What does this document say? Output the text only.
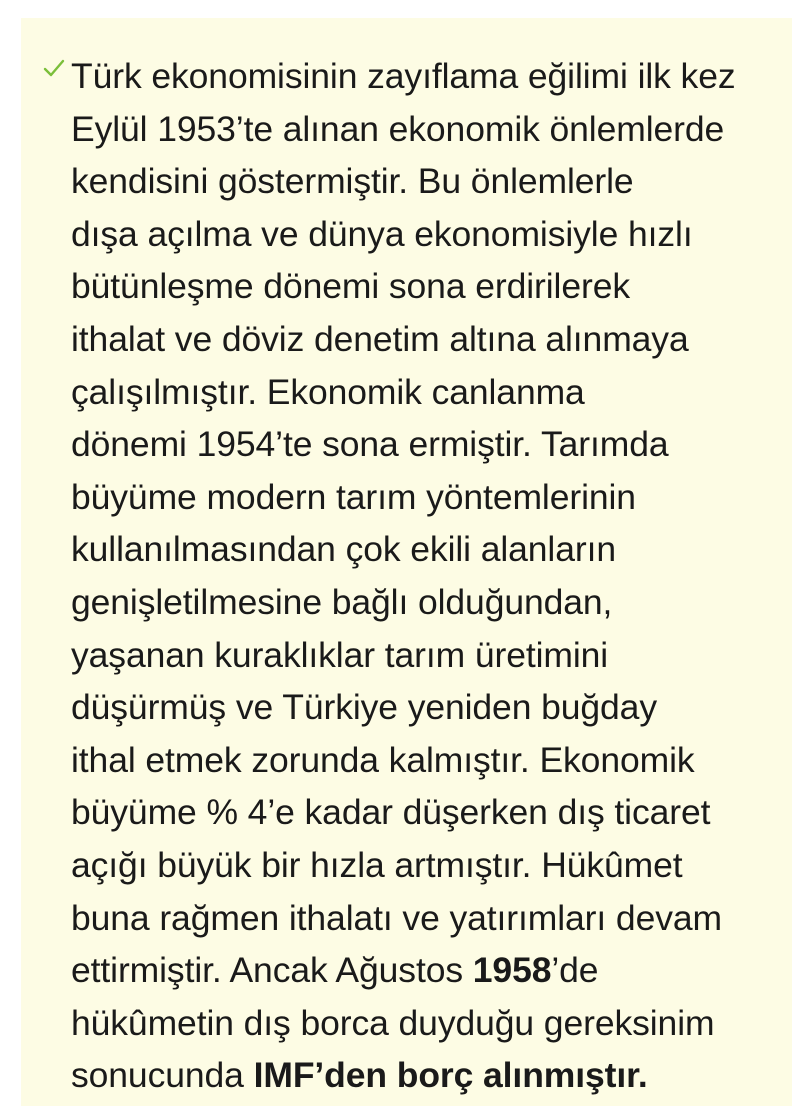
Türk ekonomisinin zayıflama eğilimi ilk kez
Eylül 1953’te alınan ekonomik önlemlerde
kendisini göstermiştir. Bu önlemlerle
dışa açılma ve dünya ekonomisiyle hızlı
bütünleşme dönemi sona erdirilerek
ithalat ve döviz denetim altına alınmaya
çalışılmıştır. Ekonomik canlanma
dönemi 1954’te sona ermiştir. Tarımda
büyüme modern tarım yöntemlerinin
kullanılmasından çok ekili alanların
genişletilmesine bağlı olduğundan,
yaşanan kuraklıklar tarım üretimini
düşürmüş ve Türkiye yeniden buğday
ithal etmek zorunda kalmıştır. Ekonomik
büyüme % 4’e kadar düşerken dış ticaret
açığı büyük bir hızla artmıştır. Hükûmet
buna rağmen ithalatı ve yatırımları devam
ettirmiştir. Ancak Ağustos 1958’de
hükûmetin dış borca duyduğu gereksinim
sonucunda IMF’den borç alınmıştır.
